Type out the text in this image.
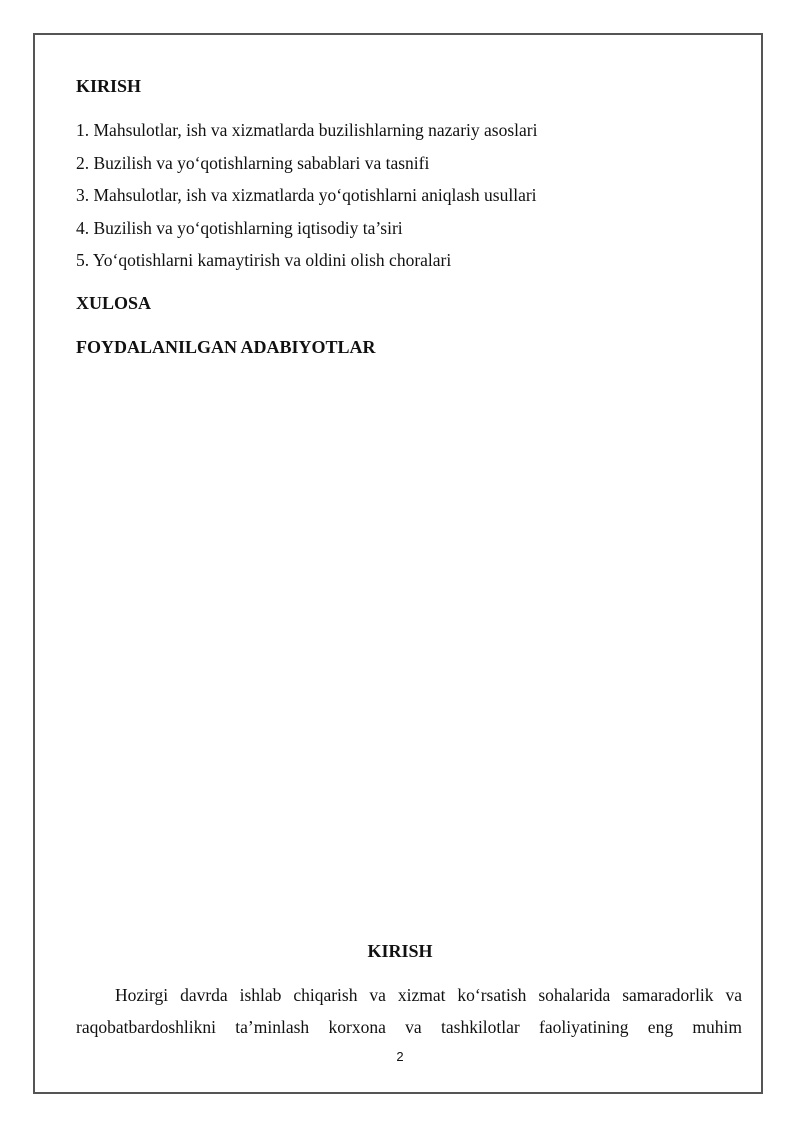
KIRISH
1. Mahsulotlar, ish va xizmatlarda buzilishlarning nazariy asoslari
2. Buzilish va yo‘qotishlarning sabablari va tasnifi
3. Mahsulotlar, ish va xizmatlarda yo‘qotishlarni aniqlash usullari
4. Buzilish va yo‘qotishlarning iqtisodiy ta’siri
5. Yo‘qotishlarni kamaytirish va oldini olish choralari
XULOSA
FOYDALANILGAN ADABIYOTLAR
KIRISH
Hozirgi davrda ishlab chiqarish va xizmat ko‘rsatish sohalarida samaradorlik va
raqobatbardoshlikni ta’minlash korxona va tashkilotlar faoliyatining eng muhim
2
